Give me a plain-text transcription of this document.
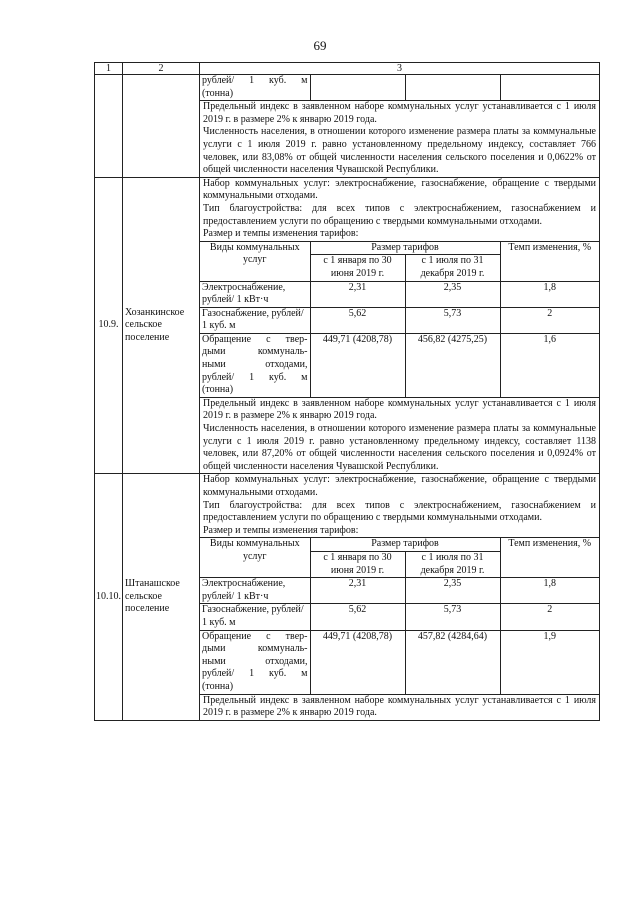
69
1	2	3

рублей/ 1 куб. м
(тонна)

Предельный индекс в заявленном наборе коммунальных услуг устанавливается с 1 июля 2019 г. в размере 2% к январю 2019 года.
Численность населения, в отношении которого изменение размера платы за коммунальные услуги с 1 июля 2019 г. равно установленному предельному индексу, составляет 766 человек, или 83,08% от общей численности населения сельского поселения и 0,0622% от общей численности населения Чувашской Республики.

10.9.	
Хозанкинское сельское поселение

Набор коммунальных услуг: электроснабжение, газоснабжение, обращение с твердыми коммунальными отходами.
Тип благоустройства: для всех типов с электроснабжением, газоснабжением и предоставлением услуги по обращению с твердыми коммунальными отходами.
Размер и темпы изменения тарифов:
Виды коммунальных услуг	Размер тарифов	Темп изменения, %
с 1 января по 30 июня 2019 г.	с 1 июля по 31 декабря 2019 г.
Электроснабжение, рублей/ 1 кВт·ч	2,31	2,35	1,8
Газоснабжение, рублей/ 1 куб. м	5,62	5,73	2

Обращение с твер-
дыми коммуналь-
ными отходами,
рублей/ 1 куб. м
(тонна)
	449,71 (4208,78)	456,82 (4275,25)	1,6
Предельный индекс в заявленном наборе коммунальных услуг устанавливается с 1 июля 2019 г. в размере 2% к январю 2019 года.
Численность населения, в отношении которого изменение размера платы за коммунальные услуги с 1 июля 2019 г. равно установленному предельному индексу, составляет 1138 человек, или 87,20% от общей численности населения сельского поселения и 0,0924% от общей численности населения Чувашской Республики.

10.10.	
Штанашское сельское поселение

Набор коммунальных услуг: электроснабжение, газоснабжение, обращение с твердыми коммунальными отходами.
Тип благоустройства: для всех типов с электроснабжением, газоснабжением и предоставлением услуги по обращению с твердыми коммунальными отходами.
Размер и темпы изменения тарифов:
Виды коммунальных услуг	Размер тарифов	Темп изменения, %
с 1 января по 30 июня 2019 г.	с 1 июля по 31 декабря 2019 г.
Электроснабжение, рублей/ 1 кВт·ч	2,31	2,35	1,8
Газоснабжение, рублей/ 1 куб. м	5,62	5,73	2

Обращение с твер-
дыми коммуналь-
ными отходами,
рублей/ 1 куб. м
(тонна)
	449,71 (4208,78)	457,82 (4284,64)	1,9
Предельный индекс в заявленном наборе коммунальных услуг устанавливается с 1 июля 2019 г. в размере 2% к январю 2019 года.
